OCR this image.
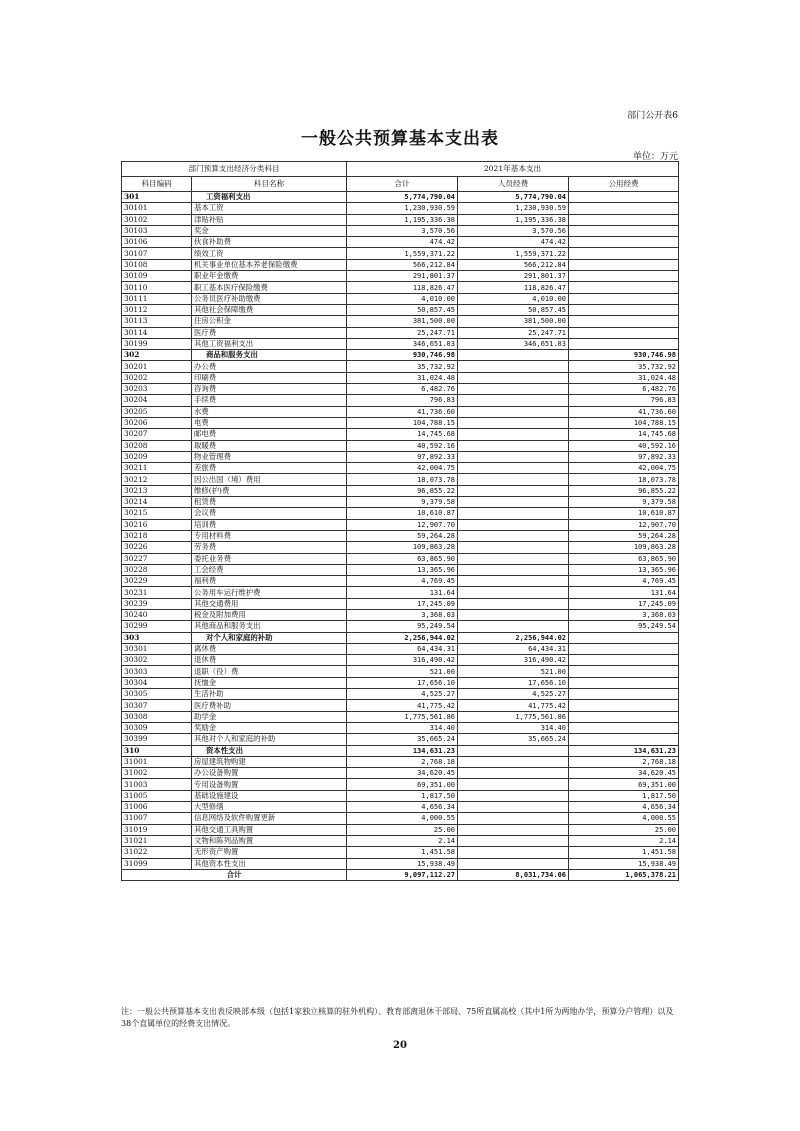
部门公开表6
一般公共预算基本支出表
单位：万元
部门预算支出经济分类科目		2021年基本支出		
科目编码	科目名称	合计	人员经费	公用经费
301	工资福利支出	5,774,790.04	5,774,790.04	
30101	基本工资	1,230,930.59	1,230,930.59	
30102	津贴补贴	1,195,336.38	1,195,336.38	
30103	奖金	3,570.56	3,570.56	
30106	伙食补助费	474.42	474.42	
30107	绩效工资	1,559,371.22	1,559,371.22	
30108	机关事业单位基本养老保险缴费	566,212.84	566,212.84	
30109	职业年金缴费	291,801.37	291,801.37	
30110	职工基本医疗保险缴费	118,826.47	118,826.47	
30111	公务员医疗补助缴费	4,010.00	4,010.00	
30112	其他社会保障缴费	50,857.45	50,857.45	
30113	住房公积金	381,500.00	381,500.00	
30114	医疗费	25,247.71	25,247.71	
30199	其他工资福利支出	346,651.03	346,651.03	
302	商品和服务支出	930,746.98		930,746.98
30201	办公费	35,732.92		35,732.92
30202	印刷费	31,024.48		31,024.48
30203	咨询费	6,482.76		6,482.76
30204	手续费	796.83		796.83
30205	水费	41,736.60		41,736.60
30206	电费	104,788.15		104,788.15
30207	邮电费	14,745.68		14,745.68
30208	取暖费	40,592.16		40,592.16
30209	物业管理费	97,892.33		97,892.33
30211	差旅费	42,004.75		42,004.75
30212	因公出国（境）费用	18,073.78		18,073.78
30213	维修(护)费	96,855.22		96,855.22
30214	租赁费	9,379.58		9,379.58
30215	会议费	10,610.87		10,610.87
30216	培训费	12,907.70		12,907.70
30218	专用材料费	59,264.28		59,264.28
30226	劳务费	109,863.28		109,863.28
30227	委托业务费	63,865.90		63,865.90
30228	工会经费	13,365.96		13,365.96
30229	福利费	4,769.45		4,769.45
30231	公务用车运行维护费	131.64		131.64
30239	其他交通费用	17,245.09		17,245.09
30240	税金及附加费用	3,368.03		3,368.03
30299	其他商品和服务支出	95,249.54		95,249.54
303	对个人和家庭的补助	2,256,944.02	2,256,944.02	
30301	离休费	64,434.31	64,434.31	
30302	退休费	316,490.42	316,490.42	
30303	退职（役）费	521.00	521.00	
30304	抚恤金	17,656.10	17,656.10	
30305	生活补助	4,525.27	4,525.27	
30307	医疗费补助	41,775.42	41,775.42	
30308	助学金	1,775,561.86	1,775,561.86	
30309	奖励金	314.40	314.40	
30399	其他对个人和家庭的补助	35,665.24	35,665.24	
310	资本性支出	134,631.23		134,631.23
31001	房屋建筑物购建	2,768.18		2,768.18
31002	办公设备购置	34,620.45		34,620.45
31003	专用设备购置	69,351.00		69,351.00
31005	基础设施建设	1,817.50		1,817.50
31006	大型修缮	4,656.34		4,656.34
31007	信息网络及软件购置更新	4,000.55		4,000.55
31019	其他交通工具购置	25.00		25.00
31021	文物和陈列品购置	2.14		2.14
31022	无形资产购置	1,451.58		1,451.58
31099	其他资本性支出	15,938.49		15,938.49
合计		9,097,112.27	8,031,734.06	1,065,378.21
注：一般公共预算基本支出表反映部本级（包括1家独立核算的驻外机构）、教育部离退休干部局、75所直属高校（其中1所为两地办学，预算分户管理）以及38个直属单位的经费支出情况。
20
